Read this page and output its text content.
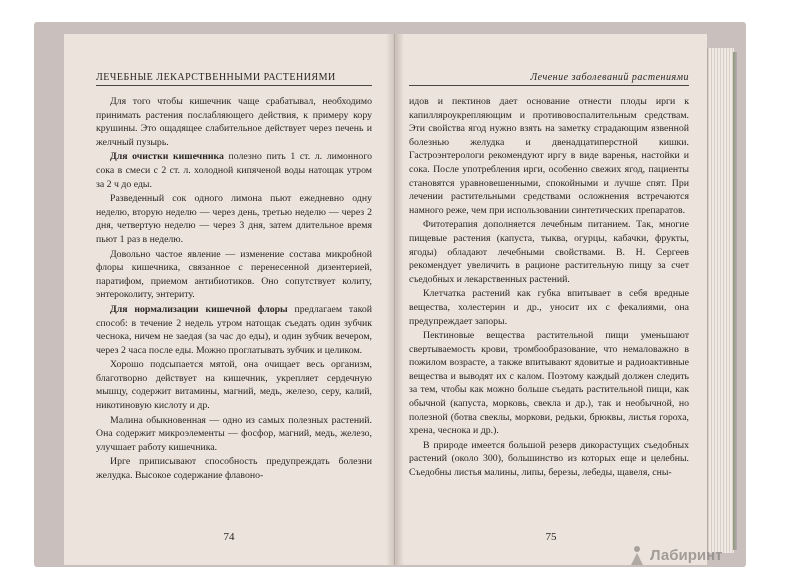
ЛЕЧЕБНЫЕ ЛЕКАРСТВЕННЫМИ РАСТЕНИЯМИ

Для того чтобы кишечник чаще срабатывал, необходимо принимать растения послабляющего действия, к примеру кору крушины. Это ощадящее слабительное действует через печень и желчный пузырь.

Для очистки кишечника полезно пить 1 ст. л. лимонного сока в смеси с 2 ст. л. холодной кипяченой воды натощак утром за 2 ч до еды.

Разведенный сок одного лимона пьют ежедневно одну неделю, вторую неделю — через день, третью неделю — через 2 дня, четвертую неделю — через 3 дня, затем длительное время пьют 1 раз в неделю.

Довольно частое явление — изменение состава микробной флоры кишечника, связанное с перенесенной дизентерией, паратифом, приемом антибиотиков. Оно сопутствует колиту, энтероколиту, энтериту.

Для нормализации кишечной флоры предлагаем такой способ: в течение 2 недель утром натощак съедать один зубчик чеснока, ничем не заедая (за час до еды), и один зубчик вечером, через 2 часа после еды. Можно проглатывать зубчик и целиком.

Хорошо подсыпается мятой, она очищает весь организм, благотворно действует на кишечник, укрепляет сердечную мышцу, содержит витамины, магний, медь, железо, серу, калий, никотиновую кислоту и др.

Малина обыкновенная — одно из самых полезных растений. Она содержит микроэлементы — фосфор, магний, медь, железо, улучшает работу кишечника.

Ирге приписывают способность предупреждать болезни желудка. Высокое содержание флавоно-

74
Лечение заболеваний растениями

идов и пектинов дает основание отнести плоды ирги к капилляроукрепляющим и противовоспалительным средствам. Эти свойства ягод нужно взять на заметку страдающим язвенной болезнью желудка и двенадцатиперстной кишки. Гастроэнтерологи рекомендуют иргу в виде варенья, настойки и сока. После употребления ирги, особенно свежих ягод, пациенты становятся уравновешенными, спокойными и лучше спят. При лечении растительными средствами осложнения встречаются намного реже, чем при использовании синтетических препаратов.

Фитотерапия дополняется лечебным питанием. Так, многие пищевые растения (капуста, тыква, огурцы, кабачки, фрукты, ягоды) обладают лечебными свойствами. В. Н. Сергеев рекомендует увеличить в рационе растительную пищу за счет съедобных и лекарственных растений.

Клетчатка растений как губка впитывает в себя вредные вещества, холестерин и др., уносит их с фекалиями, она предупреждает запоры.

Пектиновые вещества растительной пищи уменьшают свертываемость крови, тромбообразование, что немаловажно в пожилом возрасте, а также впитывают ядовитые и радиоактивные вещества и выводят их с калом. Поэтому каждый должен следить за тем, чтобы как можно больше съедать растительной пищи, как обычной (капуста, морковь, свекла и др.), так и необычной, но полезной (ботва свеклы, моркови, редьки, брюквы, листья гороха, хрена, чеснока и др.).

В природе имеется большой резерв дикорастущих съедобных растений (около 300), большинство из которых еще и целебны. Съедобны листья малины, липы, березы, лебеды, щавеля, сны-

75
Лабиринт
